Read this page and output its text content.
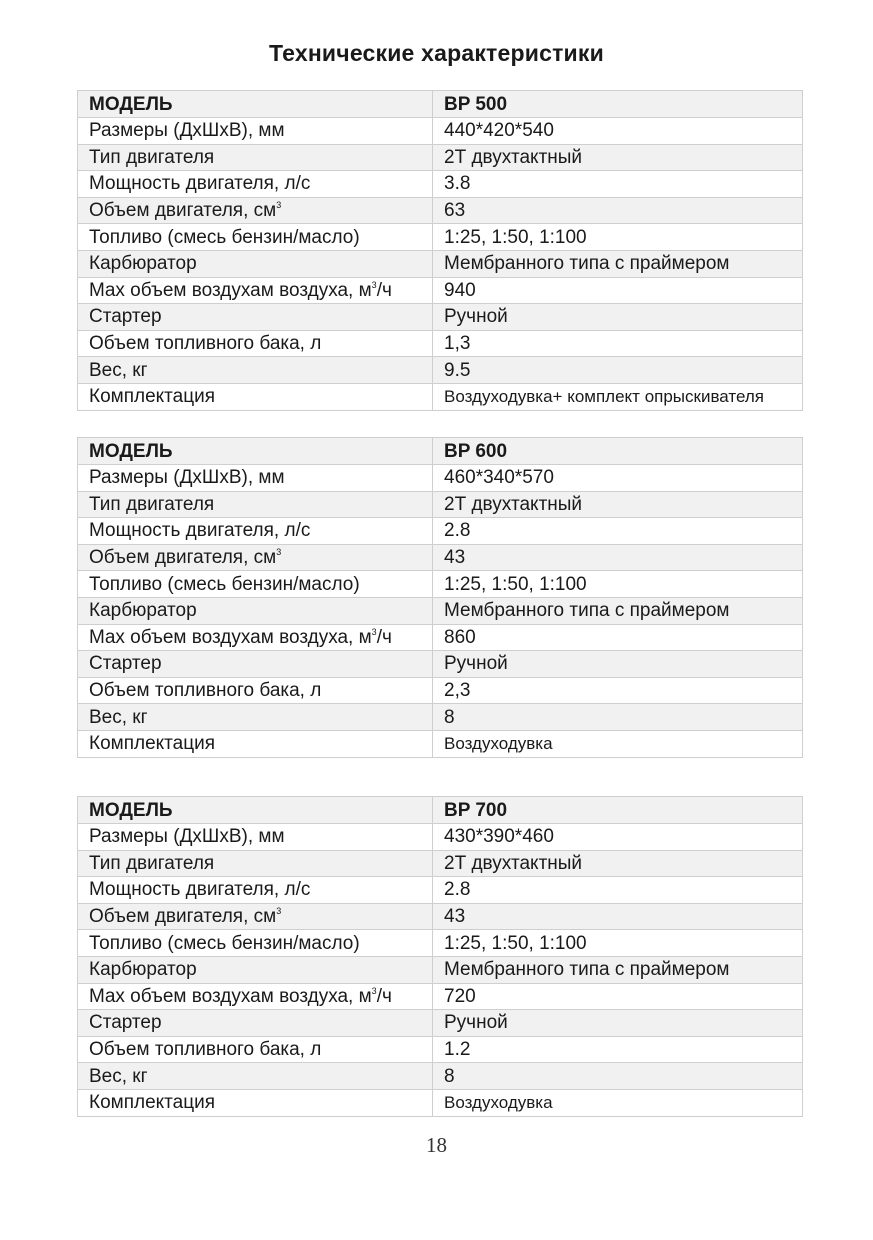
Технические характеристики
МОДЕЛЬ	BP 500
Размеры (ДхШхВ), мм	440*420*540
Тип двигателя	2Т двухтактный
Мощность двигателя, л/с	3.8
Объем двигателя, $см^3$	63
Топливо (смесь бензин/масло)	1:25, 1:50, 1:100
Карбюратор	Мембранного типа с праймером
Max объем воздухам воздуха, $м^3/ч$	940
Стартер	Ручной
Объем топливного бака, л	1,3
Вес, кг	9.5
Комплектация	Воздуходувка+ комплект опрыскивателя
МОДЕЛЬ	BP 600
Размеры (ДхШхВ), мм	460*340*570
Тип двигателя	2Т двухтактный
Мощность двигателя, л/с	2.8
Объем двигателя, $см^3$	43
Топливо (смесь бензин/масло)	1:25, 1:50, 1:100
Карбюратор	Мембранного типа с праймером
Max объем воздухам воздуха, $м^3/ч$	860
Стартер	Ручной
Объем топливного бака, л	2,3
Вес, кг	8
Комплектация	Воздуходувка
МОДЕЛЬ	BP 700
Размеры (ДхШхВ), мм	430*390*460
Тип двигателя	2Т двухтактный
Мощность двигателя, л/с	2.8
Объем двигателя, $см^3$	43
Топливо (смесь бензин/масло)	1:25, 1:50, 1:100
Карбюратор	Мембранного типа с праймером
Max объем воздухам воздуха, $м^3/ч$	720
Стартер	Ручной
Объем топливного бака, л	1.2
Вес, кг	8
Комплектация	Воздуходувка
18
